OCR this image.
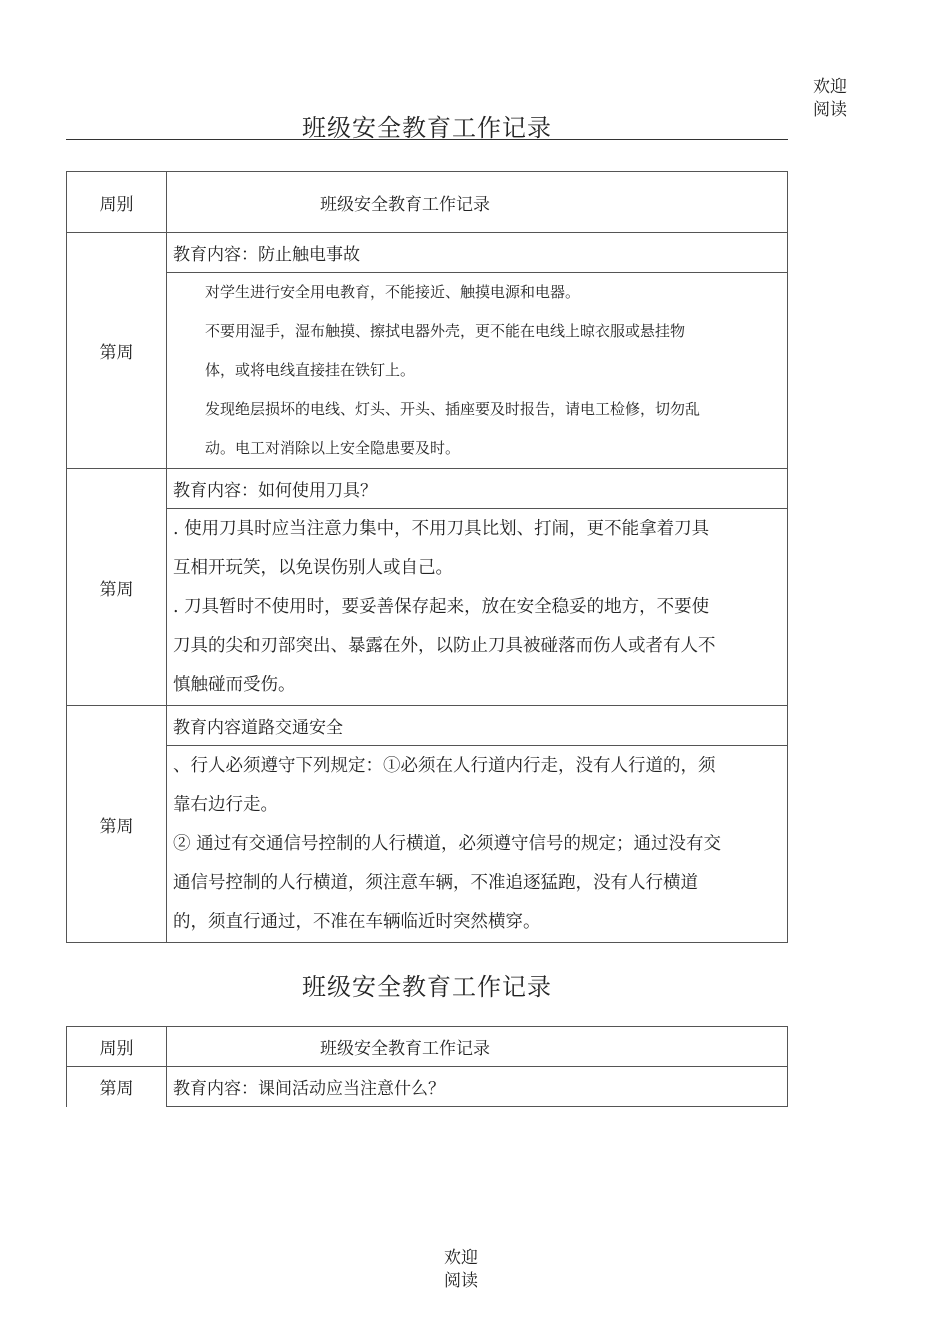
欢迎
阅读
班级安全教育工作记录
周别	班级安全教育工作记录
第周	教育内容：防止触电事故

	对学生进行安全用电教育，不能接近、触摸电源和电器。
不要用湿手，湿布触摸、擦拭电器外壳，更不能在电线上晾衣服或悬挂物
体，或将电线直接挂在铁钉上。
发现绝层损坏的电线、灯头、开头、插座要及时报告，请电工检修，切勿乱
动。电工对消除以上安全隐患要及时。

第周	教育内容：如何使用刀具？

	. 使用刀具时应当注意力集中，不用刀具比划、打闹，更不能拿着刀具
互相开玩笑，以免误伤别人或自己。
. 刀具暂时不使用时，要妥善保存起来，放在安全稳妥的地方，不要使
刀具的尖和刃部突出、暴露在外，以防止刀具被碰落而伤人或者有人不
慎触碰而受伤。

第周	教育内容道路交通安全

	、行人必须遵守下列规定：①必须在人行道内行走，没有人行道的，须
靠右边行走。
② 通过有交通信号控制的人行横道，必须遵守信号的规定；通过没有交
通信号控制的人行横道，须注意车辆，不准追逐猛跑，没有人行横道
的，须直行通过，不准在车辆临近时突然横穿。
班级安全教育工作记录
周别	班级安全教育工作记录
第周	教育内容：课间活动应当注意什么？
欢迎
阅读
